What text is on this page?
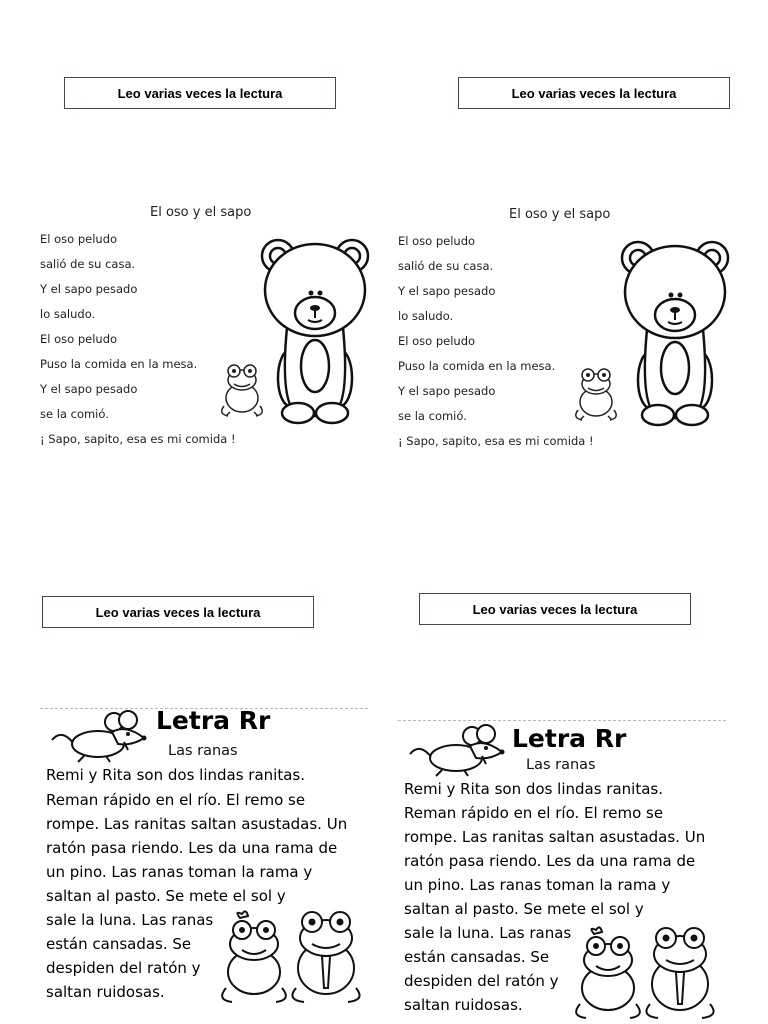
Leo varias veces la lectura	Leo varias veces la lectura
El oso y el sapo
El oso peludo
salió de su casa.
Y el sapo pesado
lo saludo.
El oso peludo
Puso la comida en la mesa.
Y el sapo pesado
se la comió.
¡ Sapo, sapito, esa es mi comida !
El oso y el sapo
El oso peludo
salió de su casa.
Y el sapo pesado
lo saludo.
El oso peludo
Puso la comida en la mesa.
Y el sapo pesado
se la comió.
¡ Sapo, sapito, esa es mi comida !
Leo varias veces la lectura	Leo varias veces la lectura
Letra Rr
Las ranas
Remi y Rita son dos lindas ranitas.
Reman rápido en el río. El remo se
rompe. Las ranitas saltan asustadas. Un
ratón pasa riendo. Les da una rama de
un pino. Las ranas toman la rama y
saltan al pasto. Se mete el sol y
sale la luna. Las ranas
están cansadas. Se
despiden del ratón y
saltan ruidosas.
Letra Rr
Las ranas
Remi y Rita son dos lindas ranitas.
Reman rápido en el río. El remo se
rompe. Las ranitas saltan asustadas. Un
ratón pasa riendo. Les da una rama de
un pino. Las ranas toman la rama y
saltan al pasto. Se mete el sol y
sale la luna. Las ranas
están cansadas. Se
despiden del ratón y
saltan ruidosas.
